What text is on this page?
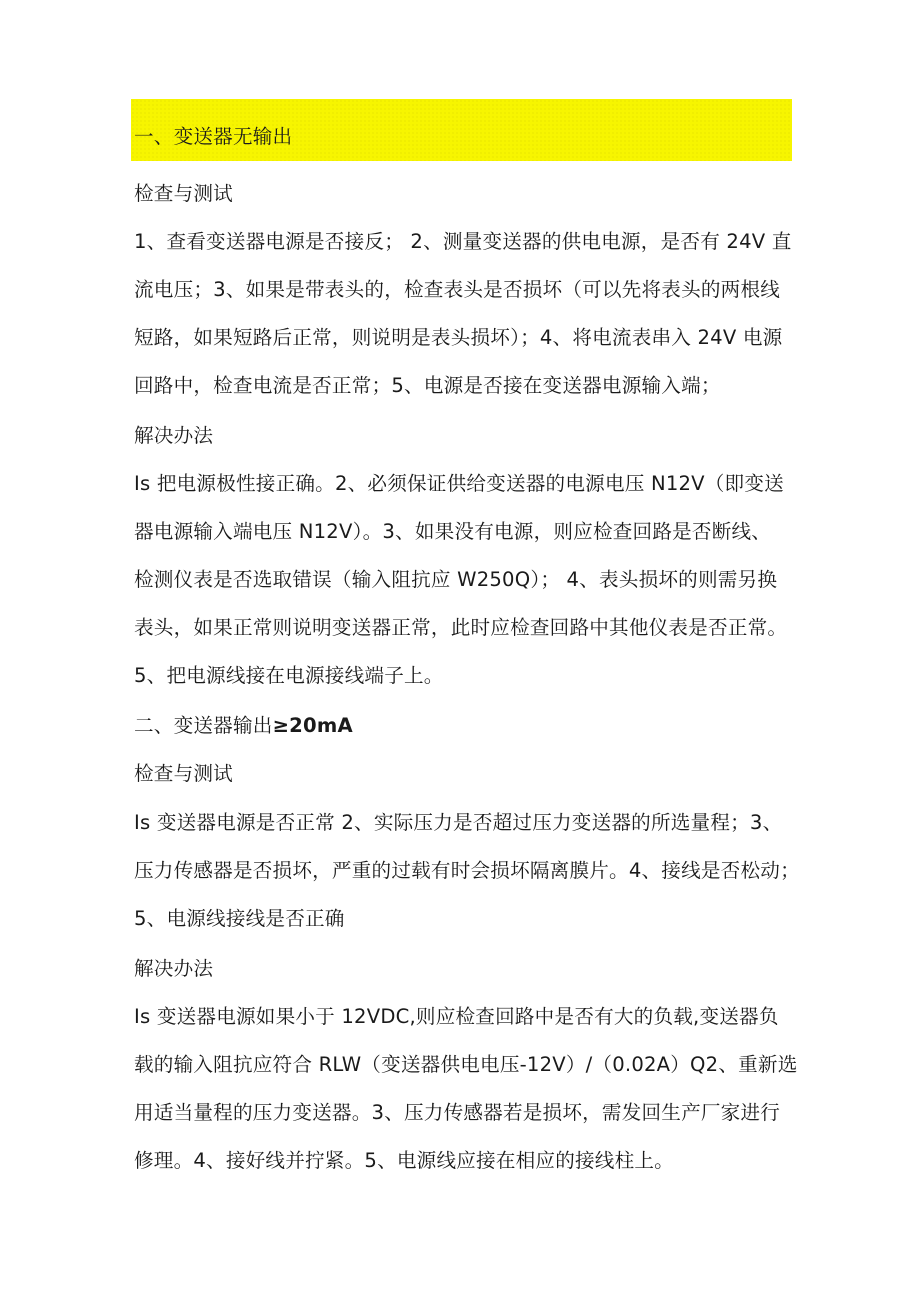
一、变送器无输出
检查与测试
1、查看变送器电源是否接反； 2、测量变送器的供电电源，是否有 24V 直
流电压；3、如果是带表头的，检查表头是否损坏（可以先将表头的两根线
短路，如果短路后正常，则说明是表头损坏）；4、将电流表串入 24V 电源
回路中，检查电流是否正常；5、电源是否接在变送器电源输入端；
解决办法
Is 把电源极性接正确。2、必须保证供给变送器的电源电压 N12V（即变送
器电源输入端电压 N12V）。3、如果没有电源，则应检查回路是否断线、
检测仪表是否选取错误（输入阻抗应 W250Q）； 4、表头损坏的则需另换
表头，如果正常则说明变送器正常，此时应检查回路中其他仪表是否正常。
5、把电源线接在电源接线端子上。
二、变送器输出≥20mA
检查与测试
Is 变送器电源是否正常 2、实际压力是否超过压力变送器的所选量程；3、
压力传感器是否损坏，严重的过载有时会损坏隔离膜片。4、接线是否松动；
5、电源线接线是否正确
解决办法
Is 变送器电源如果小于 12VDC,则应检查回路中是否有大的负载,变送器负
载的输入阻抗应符合 RLW（变送器供电电压-12V）/（0.02A）Q2、重新选
用适当量程的压力变送器。3、压力传感器若是损坏，需发回生产厂家进行
修理。4、接好线并拧紧。5、电源线应接在相应的接线柱上。
